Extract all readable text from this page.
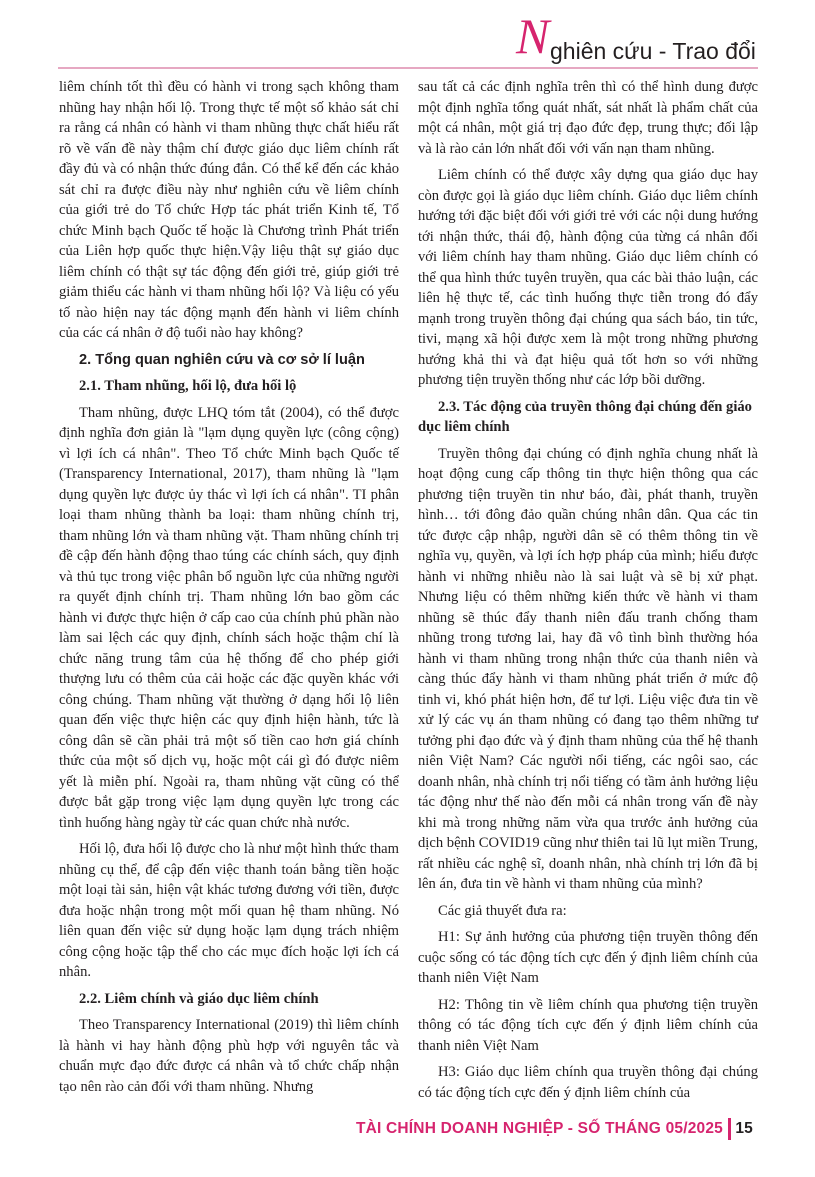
N ghiên cứu - Trao đổi

liêm chính tốt thì đều có hành vi trong sạch không tham nhũng hay nhận hối lộ. Trong thực tế một số khảo sát chỉ ra rằng cá nhân có hành vi tham nhũng thực chất hiểu rất rõ về vấn đề này thậm chí được giáo dục liêm chính rất đầy đủ và có nhận thức đúng đắn. Có thể kể đến các khảo sát chỉ ra được điều này như nghiên cứu về liêm chính của giới trẻ do Tổ chức Hợp tác phát triển Kinh tế, Tổ chức Minh bạch Quốc tế hoặc là Chương trình Phát triển của Liên hợp quốc thực hiện.Vậy liệu thật sự giáo dục liêm chính có thật sự tác động đến giới trẻ, giúp giới trẻ giảm thiểu các hành vi tham nhũng hối lộ? Và liệu có yếu tố nào hiện nay tác động mạnh đến hành vi liêm chính của các cá nhân ở độ tuổi nào hay không?

2. Tổng quan nghiên cứu và cơ sở lí luận
2.1. Tham nhũng, hối lộ, đưa hối lộ

Tham nhũng, được LHQ tóm tắt (2004), có thể được định nghĩa đơn giản là "lạm dụng quyền lực (công cộng) vì lợi ích cá nhân". Theo Tổ chức Minh bạch Quốc tế (Transparency International, 2017), tham nhũng là "lạm dụng quyền lực được ủy thác vì lợi ích cá nhân". TI phân loại tham nhũng thành ba loại: tham nhũng chính trị, tham nhũng lớn và tham nhũng vặt. Tham nhũng chính trị đề cập đến hành động thao túng các chính sách, quy định và thủ tục trong việc phân bổ nguồn lực của những người ra quyết định chính trị. Tham nhũng lớn bao gồm các hành vi được thực hiện ở cấp cao của chính phủ phần nào làm sai lệch các quy định, chính sách hoặc thậm chí là chức năng trung tâm của hệ thống để cho phép giới thượng lưu có thêm của cải hoặc các đặc quyền khác với công chúng. Tham nhũng vặt thường ở dạng hối lộ liên quan đến việc thực hiện các quy định hiện hành, tức là công dân sẽ cần phải trả một số tiền cao hơn giá chính thức của một số dịch vụ, hoặc một cái gì đó được niêm yết là miễn phí. Ngoài ra, tham nhũng vặt cũng có thể được bắt gặp trong việc lạm dụng quyền lực trong các tình huống hàng ngày từ các quan chức nhà nước.

Hối lộ, đưa hối lộ được cho là như một hình thức tham nhũng cụ thể, để cập đến việc thanh toán bằng tiền hoặc một loại tài sản, hiện vật khác tương đương với tiền, được đưa hoặc nhận trong một mối quan hệ tham nhũng. Nó liên quan đến việc sử dụng hoặc lạm dụng trách nhiệm công cộng hoặc tập thể cho các mục đích hoặc lợi ích cá nhân.

2.2. Liêm chính và giáo dục liêm chính

Theo Transparency International (2019) thì liêm chính là hành vi hay hành động phù hợp với nguyên tắc và chuẩn mực đạo đức được cá nhân và tổ chức chấp nhận tạo nên rào cản đối với tham nhũng. Nhưng

sau tất cả các định nghĩa trên thì có thể hình dung được một định nghĩa tổng quát nhất, sát nhất là phẩm chất của một cá nhân, một giá trị đạo đức đẹp, trung thực; đối lập và là rào cản lớn nhất đối với vấn nạn tham nhũng.

Liêm chính có thể được xây dựng qua giáo dục hay còn được gọi là giáo dục liêm chính. Giáo dục liêm chính hướng tới đặc biệt đối với giới trẻ với các nội dung hướng tới nhận thức, thái độ, hành động của từng cá nhân đối với liêm chính hay tham nhũng. Giáo dục liêm chính có thể qua hình thức tuyên truyền, qua các bài thảo luận, các liên hệ thực tế, các tình huống thực tiễn trong đó đẩy mạnh trong truyền thông đại chúng qua sách báo, tin tức, tivi, mạng xã hội được xem là một trong những phương hướng khả thi và đạt hiệu quả tốt hơn so với những phương tiện truyền thống như các lớp bồi dưỡng.

2.3. Tác động của truyền thông đại chúng đến giáo dục liêm chính

Truyền thông đại chúng có định nghĩa chung nhất là hoạt động cung cấp thông tin thực hiện thông qua các phương tiện truyền tin như báo, đài, phát thanh, truyền hình… tới đông đảo quần chúng nhân dân. Qua các tin tức được cập nhập, người dân sẽ có thêm thông tin về nghĩa vụ, quyền, và lợi ích hợp pháp của mình; hiểu được hành vi những nhiễu nào là sai luật và sẽ bị xử phạt. Nhưng liệu có thêm những kiến thức về hành vi tham nhũng sẽ thúc đẩy thanh niên đấu tranh chống tham nhũng trong tương lai, hay đã vô tình bình thường hóa hành vi tham nhũng trong nhận thức của thanh niên và càng thúc đẩy hành vi tham nhũng phát triển ở mức độ tinh vi, khó phát hiện hơn, để tư lợi. Liệu việc đưa tin về xử lý các vụ án tham nhũng có đang tạo thêm những tư tưởng phi đạo đức và ý định tham nhũng của thế hệ thanh niên Việt Nam? Các người nổi tiếng, các ngôi sao, các doanh nhân, nhà chính trị nổi tiếng có tầm ảnh hưởng liệu tác động như thế nào đến mỗi cá nhân trong vấn đề này khi mà trong những năm vừa qua trước ảnh hưởng của dịch bệnh COVID19 cũng như thiên tai lũ lụt miền Trung, rất nhiều các nghệ sĩ, doanh nhân, nhà chính trị lớn đã bị lên án, đưa tin về hành vi tham nhũng của mình?

Các giả thuyết đưa ra:

H1: Sự ảnh hưởng của phương tiện truyền thông đến cuộc sống có tác động tích cực đến ý định liêm chính của thanh niên Việt Nam

H2: Thông tin về liêm chính qua phương tiện truyền thông có tác động tích cực đến ý định liêm chính của thanh niên Việt Nam

H3: Giáo dục liêm chính qua truyền thông đại chúng có tác động tích cực đến ý định liêm chính của

TÀI CHÍNH DOANH NGHIỆP - SỐ THÁNG 05/2025 15
